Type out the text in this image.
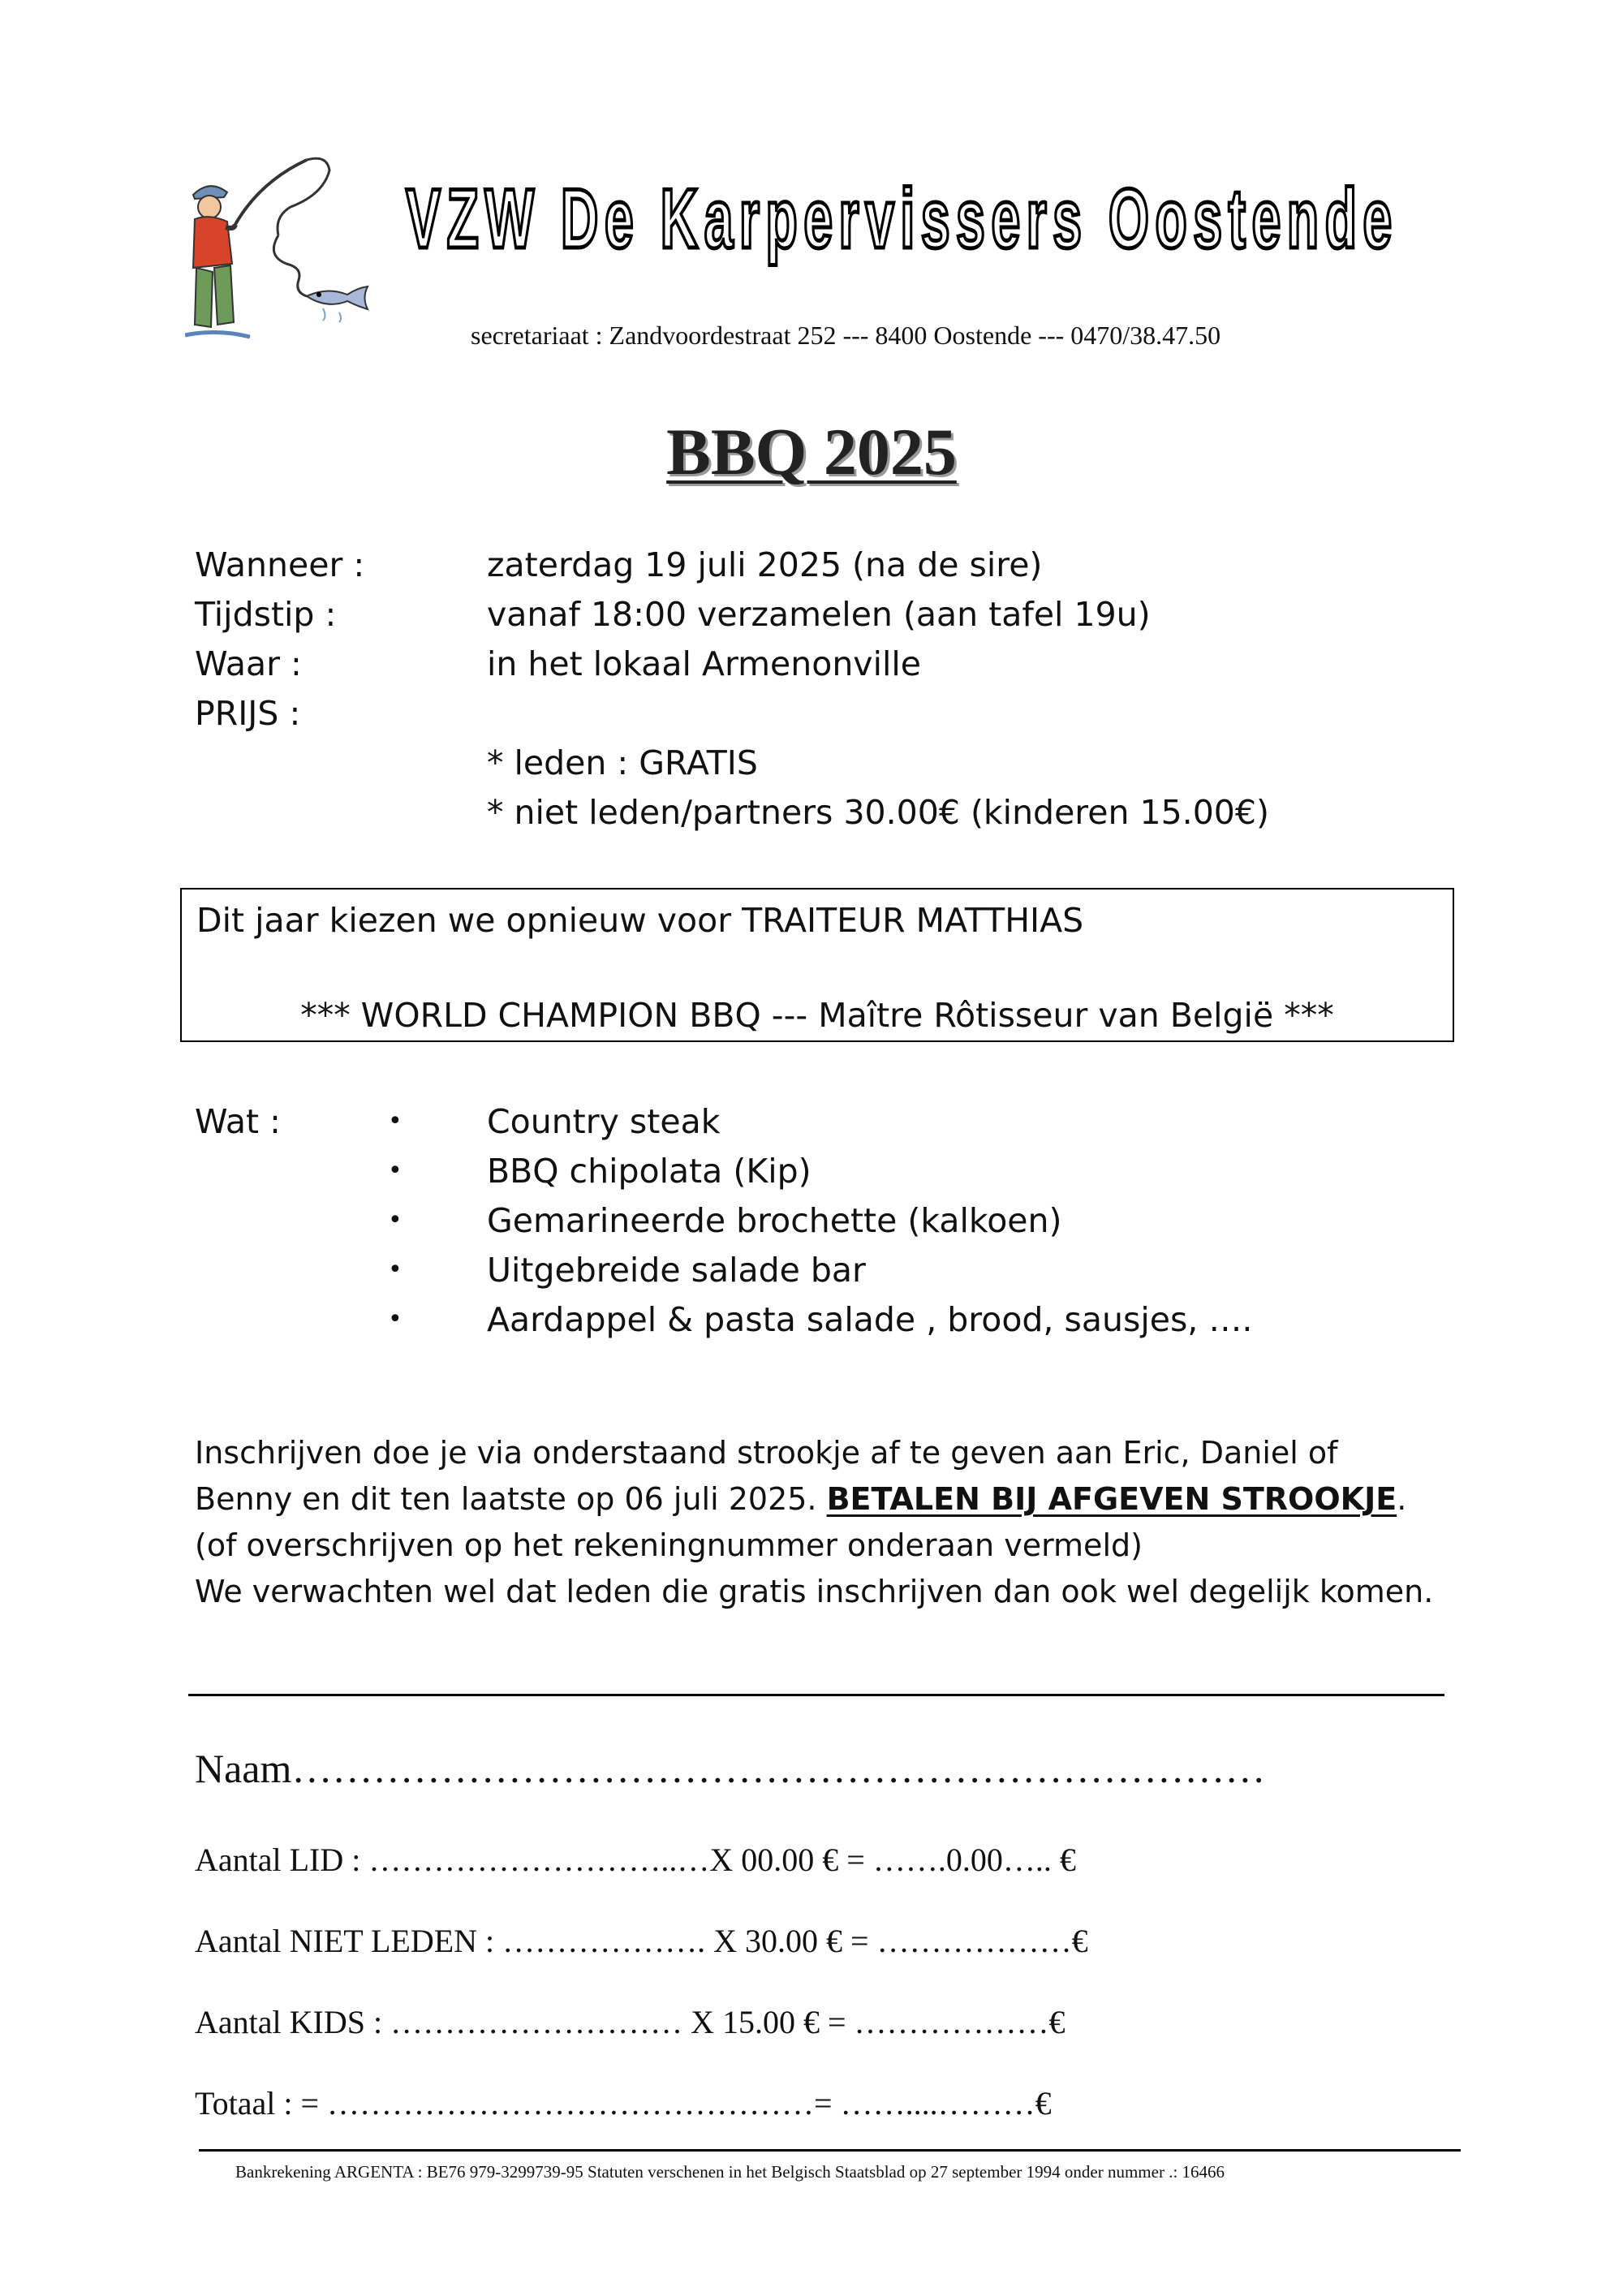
VZW De Karpervissers Oostende
secretariaat : Zandvoordestraat 252 --- 8400 Oostende --- 0470/38.47.50
BBQ 2025
Wanneer :	zaterdag 19 juli 2025 (na de sire)
Tijdstip :	vanaf 18:00 verzamelen (aan tafel 19u)
Waar :	in het lokaal Armenonville
PRIJS :
* leden : GRATIS
* niet leden/partners 30.00€ (kinderen 15.00€)
Dit jaar kiezen we opnieuw voor TRAITEUR MATTHIAS
*** WORLD CHAMPION BBQ --- Maître Rôtisseur van België ***
Wat :	•	Country steak
•	BBQ chipolata (Kip)
•	Gemarineerde brochette (kalkoen)
•	Uitgebreide salade bar
•	Aardappel & pasta salade , brood, sausjes, ….
Inschrijven doe je via onderstaand strookje af te geven aan Eric, Daniel of
Benny en dit ten laatste op 06 juli 2025. BETALEN BIJ AFGEVEN STROOKJE.
(of overschrijven op het rekeningnummer onderaan vermeld)
We verwachten wel dat leden die gratis inschrijven dan ook wel degelijk komen.
Naam………………………………………………………………
Aantal LID : ………………………..…X 00.00 € = …….0.00….. €
Aantal NIET LEDEN : ………………. X 30.00 € = ………………€
Aantal KIDS : ……………………… X 15.00 € = ………………€
Totaal : = ………………………………………= ……....………€
Bankrekening ARGENTA : BE76 979-3299739-95 Statuten verschenen in het Belgisch Staatsblad op 27 september 1994 onder nummer .: 16466
